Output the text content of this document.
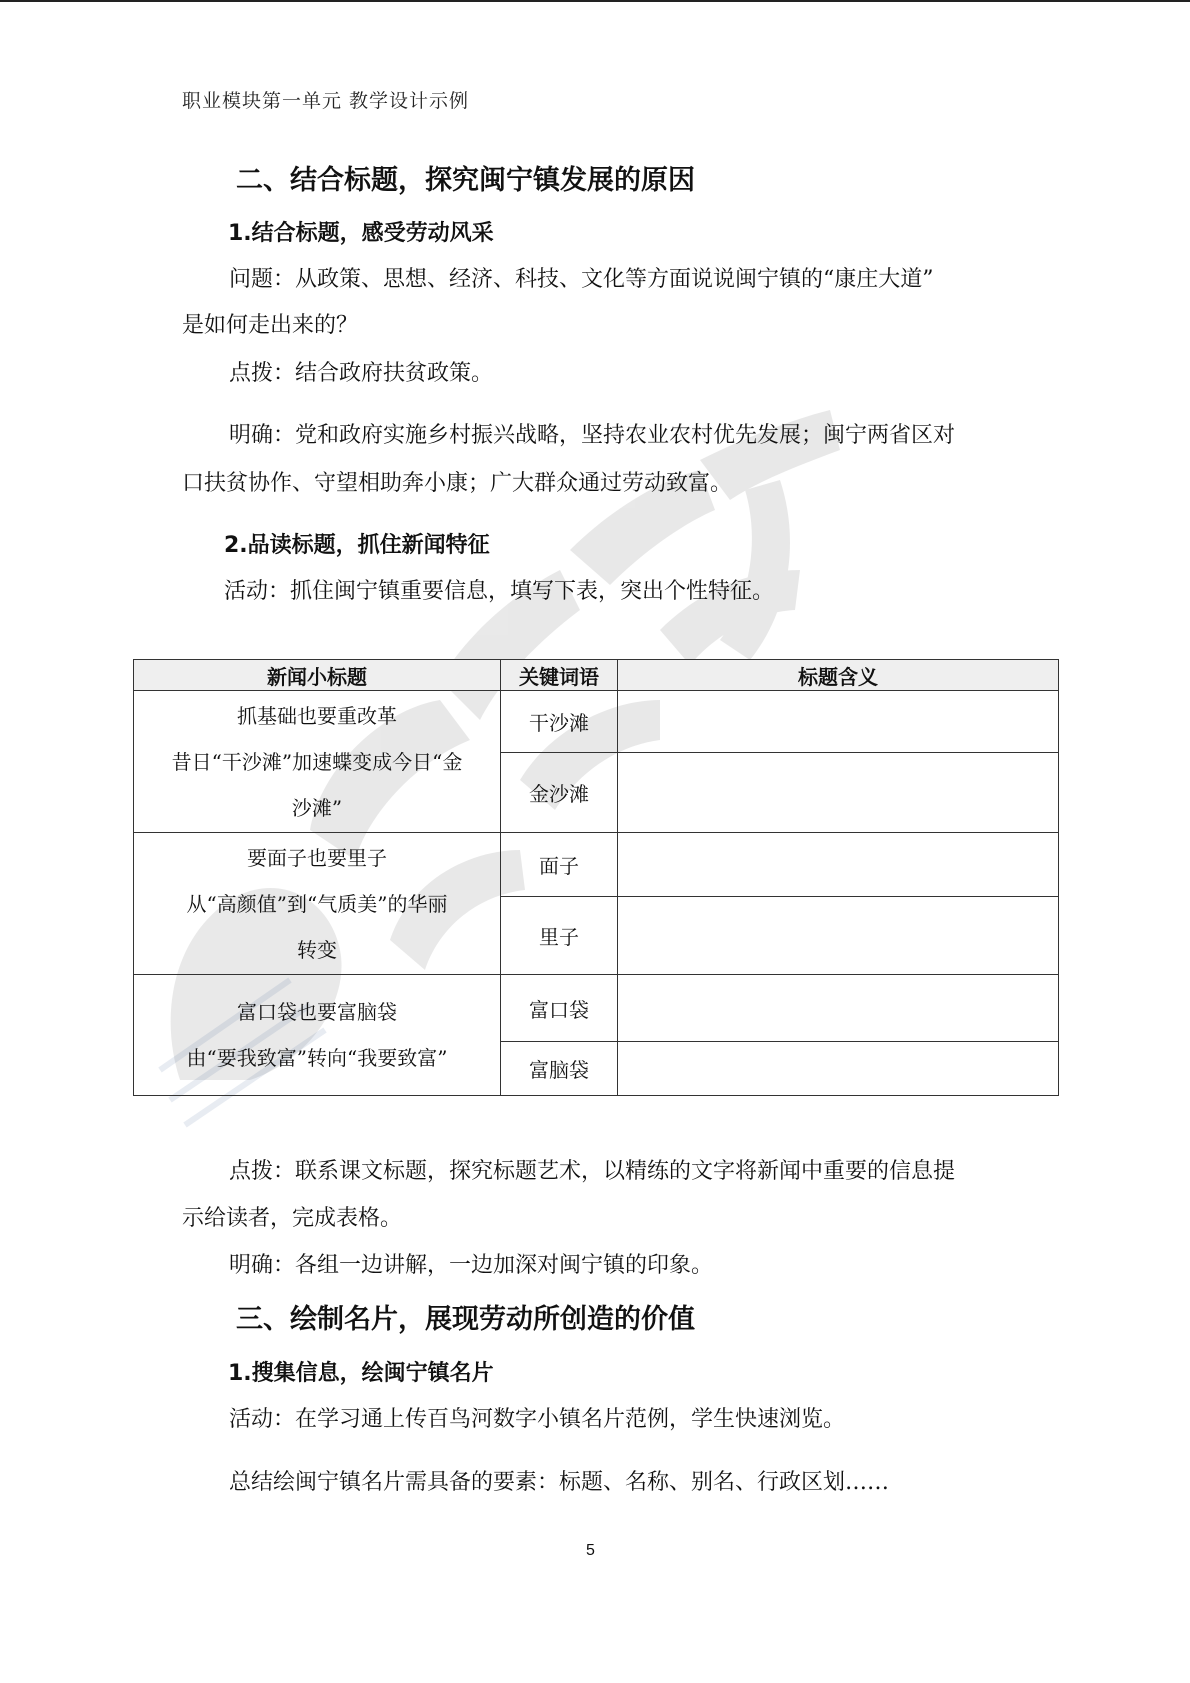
职业模块第一单元 教学设计示例
二、结合标题，探究闽宁镇发展的原因
1.结合标题，感受劳动风采
问题：从政策、思想、经济、科技、文化等方面说说闽宁镇的“康庄大道”
是如何走出来的？
点拨：结合政府扶贫政策。
明确：党和政府实施乡村振兴战略，坚持农业农村优先发展；闽宁两省区对
口扶贫协作、守望相助奔小康；广大群众通过劳动致富。
2.品读标题，抓住新闻特征
活动：抓住闽宁镇重要信息，填写下表，突出个性特征。
新闻小标题	关键词语	标题含义

抓基础也要重改革
昔日“干沙滩”加速蝶变成今日“金
沙滩”	干沙滩	
	金沙滩	

要面子也要里子
从“高颜值”到“气质美”的华丽
转变	面子	
	里子	

富口袋也要富脑袋
由“要我致富”转向“我要致富”	富口袋	
	富脑袋	
点拨：联系课文标题，探究标题艺术，以精练的文字将新闻中重要的信息提
示给读者，完成表格。
明确：各组一边讲解，一边加深对闽宁镇的印象。
三、绘制名片，展现劳动所创造的价值
1.搜集信息，绘闽宁镇名片
活动：在学习通上传百鸟河数字小镇名片范例，学生快速浏览。
总结绘闽宁镇名片需具备的要素：标题、名称、别名、行政区划……
5
